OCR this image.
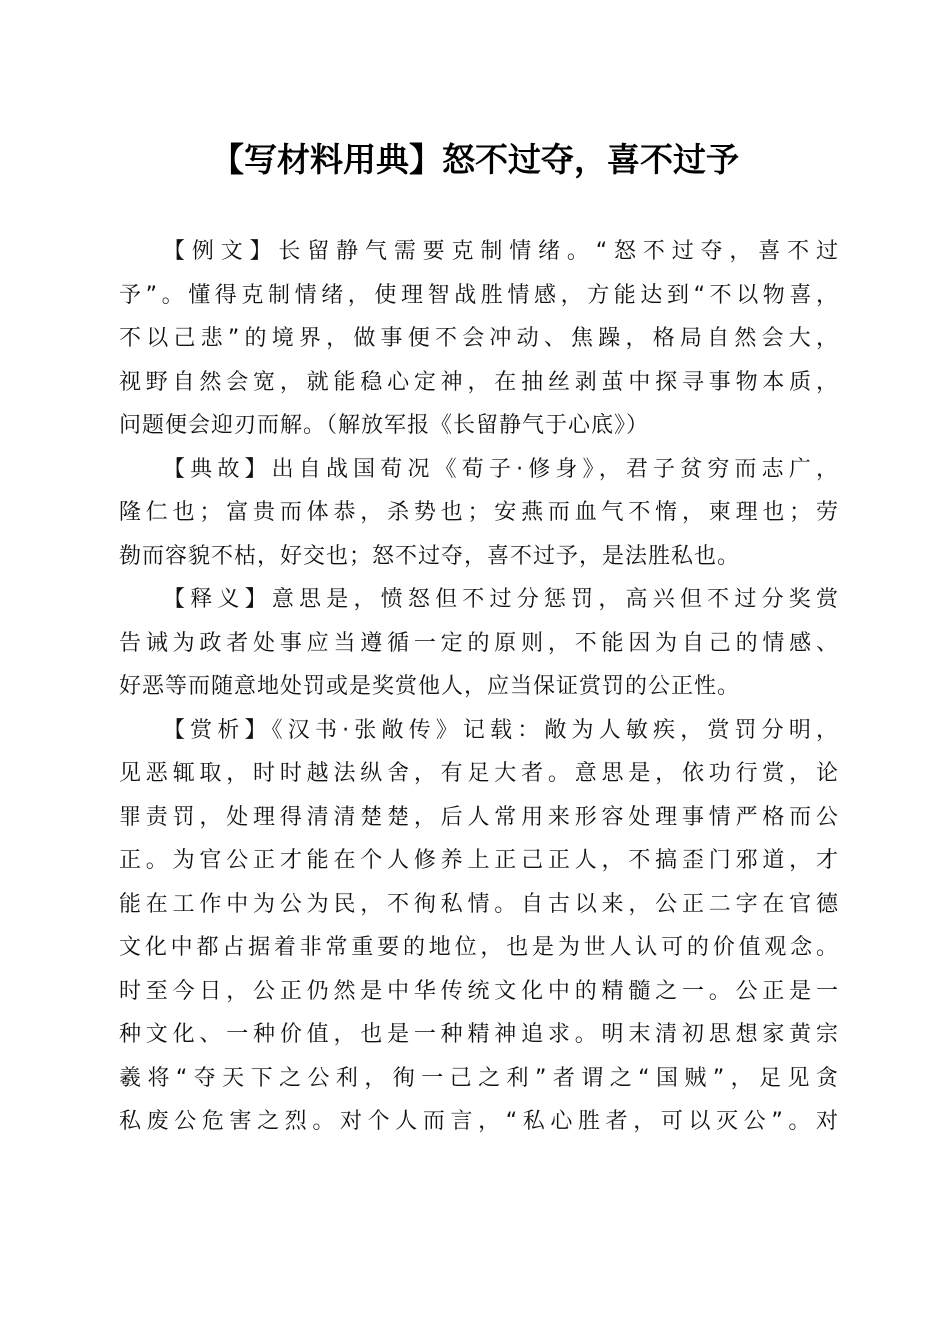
【写材料用典】怒不过夺，喜不过予
【例文】长留静气需要克制情绪。“怒不过夺，喜不过
予”。懂得克制情绪，使理智战胜情感，方能达到“不以物喜，
不以己悲”的境界，做事便不会冲动、焦躁，格局自然会大，
视野自然会宽，就能稳心定神，在抽丝剥茧中探寻事物本质，
问题便会迎刃而解。（解放军报《长留静气于心底》）
【典故】出自战国荀况《荀子·修身》，君子贫穷而志广，
隆仁也；富贵而体恭，杀势也；安燕而血气不惰，柬理也；劳
勌而容貌不枯，好交也；怒不过夺，喜不过予，是法胜私也。
【释义】意思是，愤怒但不过分惩罚，高兴但不过分奖赏
告诫为政者处事应当遵循一定的原则，不能因为自己的情感、
好恶等而随意地处罚或是奖赏他人，应当保证赏罚的公正性。
【赏析】《汉书·张敞传》记载：敞为人敏疾，赏罚分明，
见恶辄取，时时越法纵舍，有足大者。意思是，依功行赏，论
罪责罚，处理得清清楚楚，后人常用来形容处理事情严格而公
正。为官公正才能在个人修养上正己正人，不搞歪门邪道，才
能在工作中为公为民，不徇私情。自古以来，公正二字在官德
文化中都占据着非常重要的地位，也是为世人认可的价值观念。
时至今日，公正仍然是中华传统文化中的精髓之一。公正是一
种文化、一种价值，也是一种精神追求。明末清初思想家黄宗
羲将“夺天下之公利，徇一己之利”者谓之“国贼”，足见贪
私废公危害之烈。对个人而言，“私心胜者，可以灭公”。对
